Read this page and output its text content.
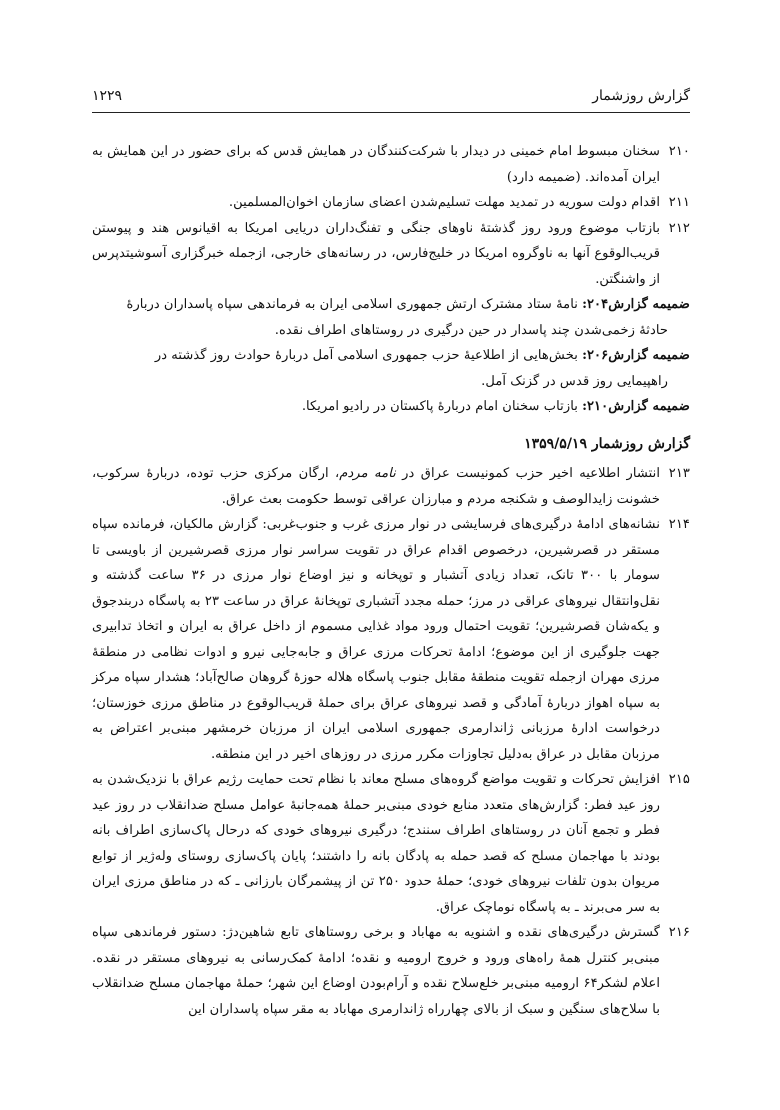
گزارش روزشمار
۱۲۲۹
۲۱۰
سخنان مبسوط امام خمینی در دیدار با شرکت‌کنندگان در همایش قدس که برای حضور در این همایش به ایران آمده‌اند. (ضمیمه دارد)
۲۱۱
اقدام دولت سوریه در تمدید مهلت تسلیم‌شدن اعضای سازمان اخوان‌المسلمین.
۲۱۲
بازتاب موضوع ورود روز گذشتهٔ ناوهای جنگی و تفنگ‌داران دریایی امریکا به اقیانوس هند و پیوستن قریب‌الوقوع آنها به ناوگروه امریکا در خلیج‌فارس، در رسانه‌های خارجی، ازجمله خبرگزاری آسوشیتدپرس از واشنگتن.
ضمیمه گزارش۲۰۴: نامهٔ ستاد مشترک ارتش جمهوری اسلامی ایران به فرماندهی سپاه پاسداران دربارهٔ
حادثهٔ زخمی‌شدن چند پاسدار در حین درگیری در روستاهای اطراف نقده.
ضمیمه گزارش۲۰۶: بخش‌هایی از اطلاعیهٔ حزب جمهوری اسلامی آمل دربارهٔ حوادث روز گذشته در
راهپیمایی روز قدس در گزنک آمل.
ضمیمه گزارش۲۱۰: بازتاب سخنان امام دربارهٔ پاکستان در رادیو امریکا.
گزارش روزشمار ۱۳۵۹/۵/۱۹
۲۱۳
انتشار اطلاعیه اخیر حزب کمونیست عراق در نامه مردم، ارگان مرکزی حزب توده، دربارهٔ سرکوب، خشونت زایدالوصف و شکنجه مردم و مبارزان عراقی توسط حکومت بعث عراق.
۲۱۴
نشانه‌های ادامهٔ درگیری‌های فرسایشی در نوار مرزی غرب و جنوب‌غربی: گزارش مالکیان، فرمانده سپاه مستقر در قصرشیرین، درخصوص اقدام عراق در تقویت سراسر نوار مرزی قصرشیرین از باویسی تا سومار با ۳۰۰ تانک، تعداد زیادی آتشبار و توپخانه و نیز اوضاع نوار مرزی در ۳۶ ساعت گذشته و نقل‌وانتقال نیروهای عراقی در مرز؛ حمله مجدد آتشباری توپخانهٔ عراق در ساعت ۲۳ به پاسگاه دربندجوق و یکه‌شان قصرشیرین؛ تقویت احتمال ورود مواد غذایی مسموم از داخل عراق به ایران و اتخاذ تدابیری جهت جلوگیری از این موضوع؛ ادامهٔ تحرکات مرزی عراق و جابه‌جایی نیرو و ادوات نظامی در منطقهٔ مرزی مهران ازجمله تقویت منطقهٔ مقابل جنوب پاسگاه هلاله حوزهٔ گروهان صالح‌آباد؛ هشدار سپاه مرکز به سپاه اهواز دربارهٔ آمادگی و قصد نیروهای عراق برای حملهٔ قریب‌الوقوع در مناطق مرزی خوزستان؛ درخواست ادارهٔ مرزبانی ژاندارمری جمهوری اسلامی ایران از مرزبان خرمشهر مبنی‌بر اعتراض به مرزبان مقابل در عراق به‌دلیل تجاوزات مکرر مرزی در روزهای اخیر در این منطقه.
۲۱۵
افزایش تحرکات و تقویت مواضع گروه‌های مسلح معاند با نظام تحت حمایت رژیم عراق با نزدیک‌شدن به روز عید فطر: گزارش‌های متعدد منابع خودی مبنی‌بر حملهٔ همه‌جانبهٔ عوامل مسلح ضدانقلاب در روز عید فطر و تجمع آنان در روستاهای اطراف سنندج؛ درگیری نیروهای خودی که درحال پاک‌سازی اطراف بانه بودند با مهاجمان مسلح که قصد حمله به پادگان بانه را داشتند؛ پایان پاک‌سازی روستای وله‌ژیر از توابع مریوان بدون تلفات نیروهای خودی؛ حملهٔ حدود ۲۵۰ تن از پیشمرگان بارزانی ـ که در مناطق مرزی ایران به سر می‌برند ـ به پاسگاه نوماچک عراق.
۲۱۶
گسترش درگیری‌های نقده و اشنویه به مهاباد و برخی روستاهای تابع شاهین‌دژ: دستور فرماندهی سپاه مبنی‌بر کنترل همهٔ راه‌های ورود و خروج ارومیه و نقده؛ ادامهٔ کمک‌رسانی به نیروهای مستقر در نقده. اعلام لشکر۶۴ ارومیه مبنی‌بر خلع‌سلاح نقده و آرام‌بودن اوضاع این شهر؛ حملهٔ مهاجمان مسلح ضدانقلاب با سلاح‌های سنگین و سبک از بالای چهارراه ژاندارمری مهاباد به مقر سپاه پاسداران این
